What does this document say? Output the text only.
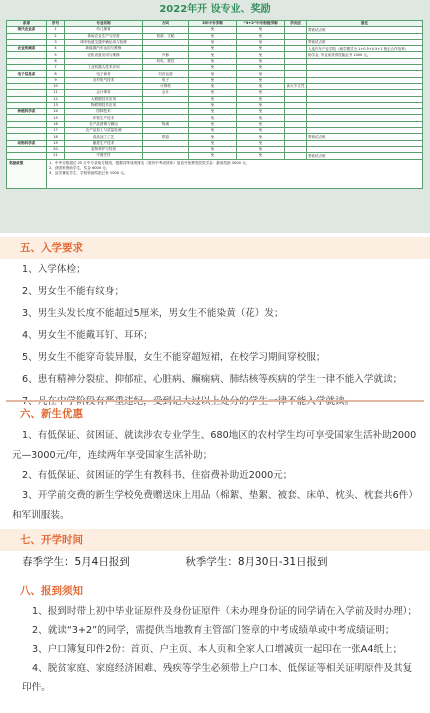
2022年开 设专业、奖励
系部	序号	专业名称	方向	3年中专学制	“3+2”中专衔接学制	学历层	备注
现代农业系	1	幼儿保育		免	免		寄宿试点班
	2	休闲农业生产与经营	旅游、文秘	免	免		
	3	城市轨道交通车辆运用与检修		免	免		寄宿试点班
农业机械系	4	新能源汽车运用与维修		免	免		入选汽车产业学院（就学模式为 1+0.5+0.5+1 校企合作培养）
	5	农机设备应用与维修	汽修	免	免		助学金, 毕业前获得技能证书 1000 元。
	6		机电、数控	免	免		
	7	工业机器人技术应用		免	免		
电子信息系	8	电子商务	抖音运营	免	免		
	9	农村电气技术	电子	免	免		
	10		计算机	免	免	读大专文凭	
	11	会计事务	会计	免	免		
	12	大数据技术应用		免	免		
	13	物联网技术应用		免	免		
种植科学系	14	园林技术		免	免		
	15	作物生产技术		免	免		
	16	农产品营销与储运	物流	免	免		
	17	农产品加工与质量检测		免	免		
	18	食品加工工艺	烘焙	免	免		寄宿试点班
动物科学系	19	畜禽生产技术		免	免		
	20	宠物养护与经营		免	免		
	21	中餐烹饪		免	免		寄宿试点班
奖励政策	1、中考分数超过 25 万中专录取分数线，根据同等成绩排名（需有中考成绩单）加直升免费发放奖学金：最高奖励 3000 元；
2、获国家资助学生，奖金 6000 元；
3、品学兼优学生，学校资助奖励已补 1000 元。						
五、入学要求
1、入学体检；
2、男女生不能有纹身；
3、男生头发长度不能超过5厘米，男女生不能染黄（花）发；
4、男女生不能戴耳钉、耳环；
5、男女生不能穿奇装异服，女生不能穿超短裙，在校学习期间穿校服；
6、患有精神分裂症、抑郁症、心脏病、癫痫病、肺结核等疾病的学生一律不能入学就读；
六、新生优惠
1、有低保证、贫困证、就读涉农专业学生、680地区的农村学生均可享受国家生活补助2000元—3000元/年，连续两年享受国家生活补助；
2、有低保证、贫困证的学生有教科书、住宿费补助近2000元；
3、开学前交费的新生学校免费赠送床上用品（棉絮、垫絮、被套、床单、枕头、枕套共6件）和军训服装。
七、开学时间
春季学生：5月4日报到	秋季学生：8月30日-31日报到
八、报到须知
1、报到时带上初中毕业证原件及身份证原件（未办理身份证的同学请在入学前及时办理）；
2、就读“3+2”的同学，需提供当地教育主管部门签章的中考成绩单或中考成绩证明；
3、户口簿复印件2份：首页、户主页、本人页和全家人口增减页一起印在一张A4纸上；
4、脱贫家庭、家庭经济困难、残疾等学生必须带上户口本、低保证等相关证明原件及其复印件。
